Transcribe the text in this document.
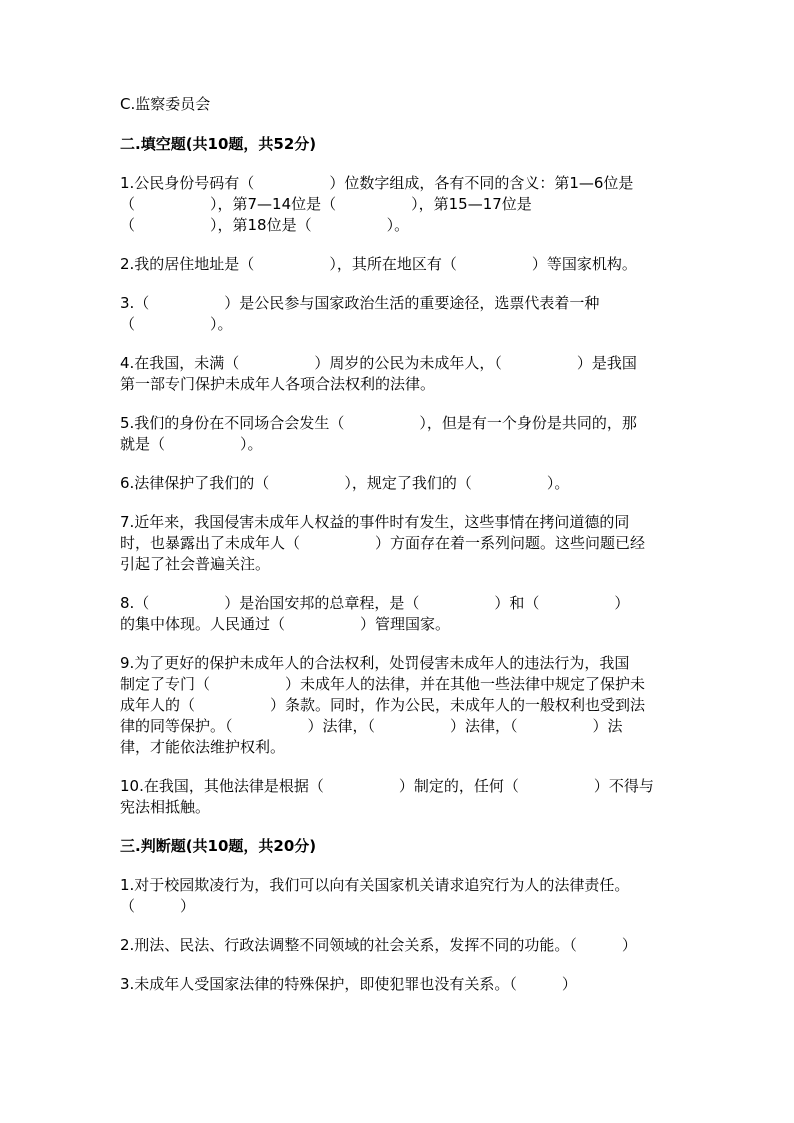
C.监察委员会
二.填空题(共10题，共52分)
1.公民身份号码有（　　　　　）位数字组成，各有不同的含义：第1—6位是
（　　　　　），第7—14位是（　　　　　），第15—17位是
（　　　　　），第18位是（　　　　　）。
2.我的居住地址是（　　　　　），其所在地区有（　　　　　）等国家机构。
3.（　　　　　）是公民参与国家政治生活的重要途径，选票代表着一种
（　　　　　）。
4.在我国，未满（　　　　　）周岁的公民为未成年人，（　　　　　）是我国
第一部专门保护未成年人各项合法权利的法律。
5.我们的身份在不同场合会发生（　　　　　），但是有一个身份是共同的，那
就是（　　　　　）。
6.法律保护了我们的（　　　　　），规定了我们的（　　　　　）。
7.近年来，我国侵害未成年人权益的事件时有发生，这些事情在拷问道德的同
时，也暴露出了未成年人（　　　　　）方面存在着一系列问题。这些问题已经
引起了社会普遍关注。
8.（　　　　　）是治国安邦的总章程，是（　　　　　）和（　　　　　）
的集中体现。人民通过（　　　　　）管理国家。
9.为了更好的保护未成年人的合法权利，处罚侵害未成年人的违法行为，我国
制定了专门（　　　　　）未成年人的法律，并在其他一些法律中规定了保护未
成年人的（　　　　　）条款。同时，作为公民，未成年人的一般权利也受到法
律的同等保护。（　　　　　）法律，（　　　　　）法律，（　　　　　）法
律，才能依法维护权利。
10.在我国，其他法律是根据（　　　　　）制定的，任何（　　　　　）不得与
宪法相抵触。
三.判断题(共10题，共20分)
1.对于校园欺凌行为，我们可以向有关国家机关请求追究行为人的法律责任。
（　　　）
2.刑法、民法、行政法调整不同领域的社会关系，发挥不同的功能。（　　　）
3.未成年人受国家法律的特殊保护，即使犯罪也没有关系。（　　　）
